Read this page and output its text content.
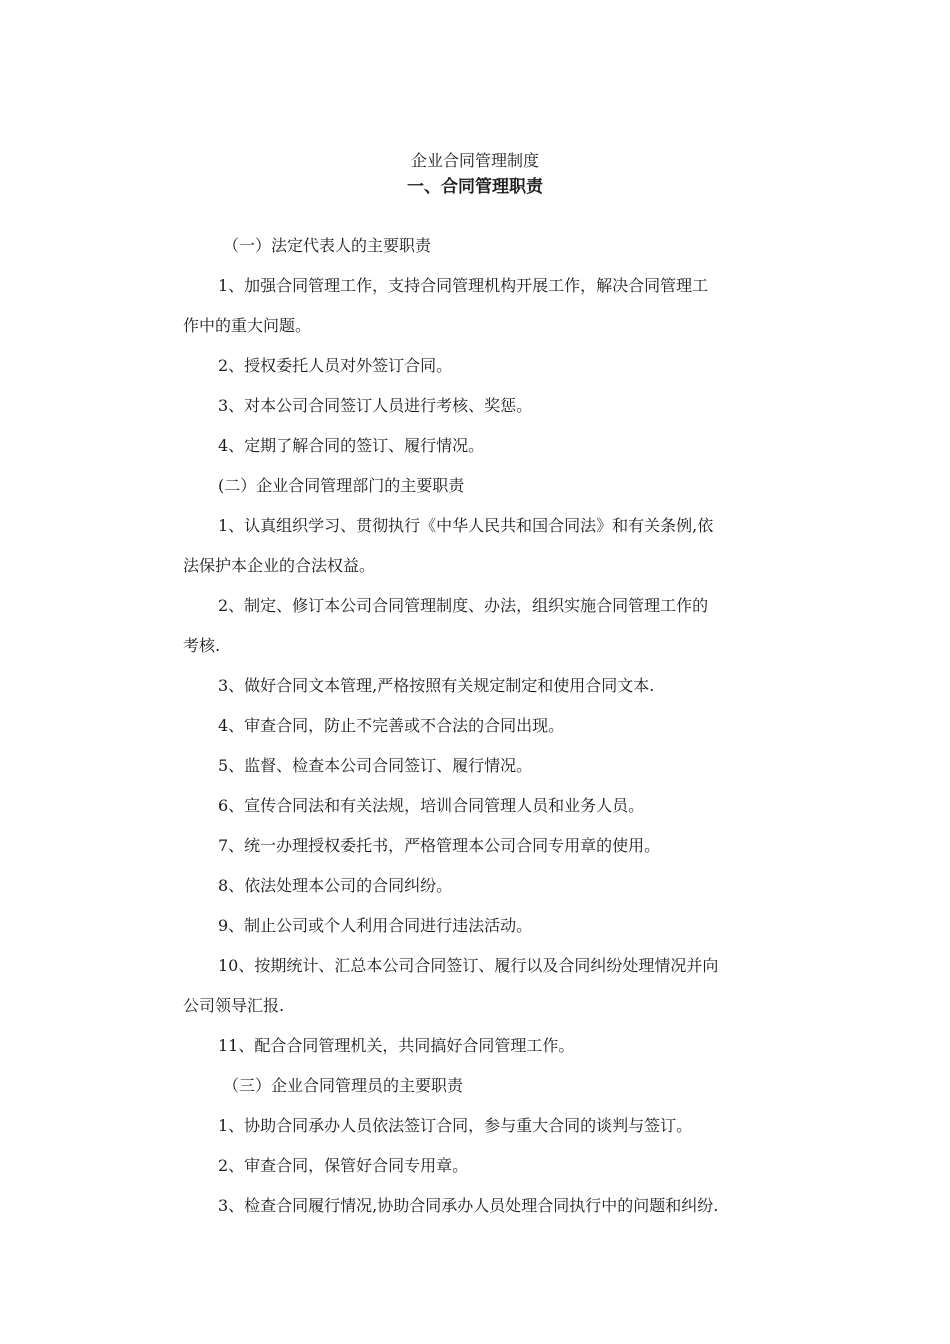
企业合同管理制度
一、合同管理职责
（一）法定代表人的主要职责
1、加强合同管理工作，支持合同管理机构开展工作，解决合同管理工
作中的重大问题。
2、授权委托人员对外签订合同。
3、对本公司合同签订人员进行考核、奖惩。
4、定期了解合同的签订、履行情况。
(二）企业合同管理部门的主要职责
1、认真组织学习、贯彻执行《中华人民共和国合同法》和有关条例,依
法保护本企业的合法权益。
2、制定、修订本公司合同管理制度、办法，组织实施合同管理工作的
考核.
3、做好合同文本管理,严格按照有关规定制定和使用合同文本.
4、审查合同，防止不完善或不合法的合同出现。
5、监督、检查本公司合同签订、履行情况。
6、宣传合同法和有关法规，培训合同管理人员和业务人员。
7、统一办理授权委托书，严格管理本公司合同专用章的使用。
8、依法处理本公司的合同纠纷。
9、制止公司或个人利用合同进行违法活动。
10、按期统计、汇总本公司合同签订、履行以及合同纠纷处理情况并向
公司领导汇报.
11、配合合同管理机关，共同搞好合同管理工作。
（三）企业合同管理员的主要职责
1、协助合同承办人员依法签订合同，参与重大合同的谈判与签订。
2、审查合同，保管好合同专用章。
3、检查合同履行情况,协助合同承办人员处理合同执行中的问题和纠纷.
